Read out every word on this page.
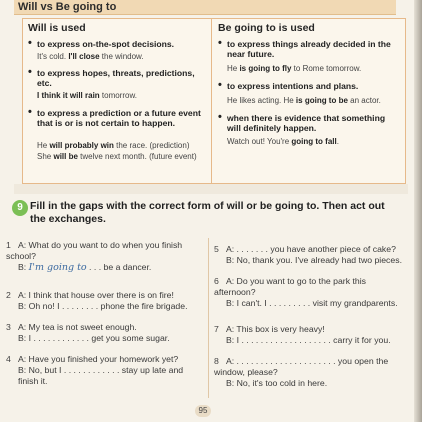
Will vs Be going to
Will is used
• to express on-the-spot decisions.
It's cold. I'll close the window.
• to express hopes, threats, predictions, etc.
I think it will rain tomorrow.
• to express a prediction or a future event that is or is not certain to happen.
He will probably win the race. (prediction)
She will be twelve next month. (future event)
Be going to is used
• to express things already decided in the near future.
He is going to fly to Rome tomorrow.
• to express intentions and plans.
He likes acting. He is going to be an actor.
• when there is evidence that something will definitely happen.
Watch out! You're going to fall.
9 Fill in the gaps with the correct form of will or be going to. Then act out the exchanges.
1 A: What do you want to do when you finish school?
B: I'm going to . . . be a dancer.
2 A: I think that house over there is on fire!
B: Oh no! I . . . . . . . . phone the fire brigade.
3 A: My tea is not sweet enough.
B: I . . . . . . . . . . . . get you some sugar.
4 A: Have you finished your homework yet?
B: No, but I . . . . . . . . . . . . stay up late and finish it.
5 A: . . . . . . . you have another piece of cake?
B: No, thank you. I've already had two pieces.
6 A: Do you want to go to the park this afternoon?
B: I can't. I . . . . . . . . . visit my grandparents.
7 A: This box is very heavy!
B: I . . . . . . . . . . . . . . . . . . . carry it for you.
8 A: . . . . . . . . . . . . . . . . . . . . . you open the window, please?
B: No, it's too cold in here.
95
